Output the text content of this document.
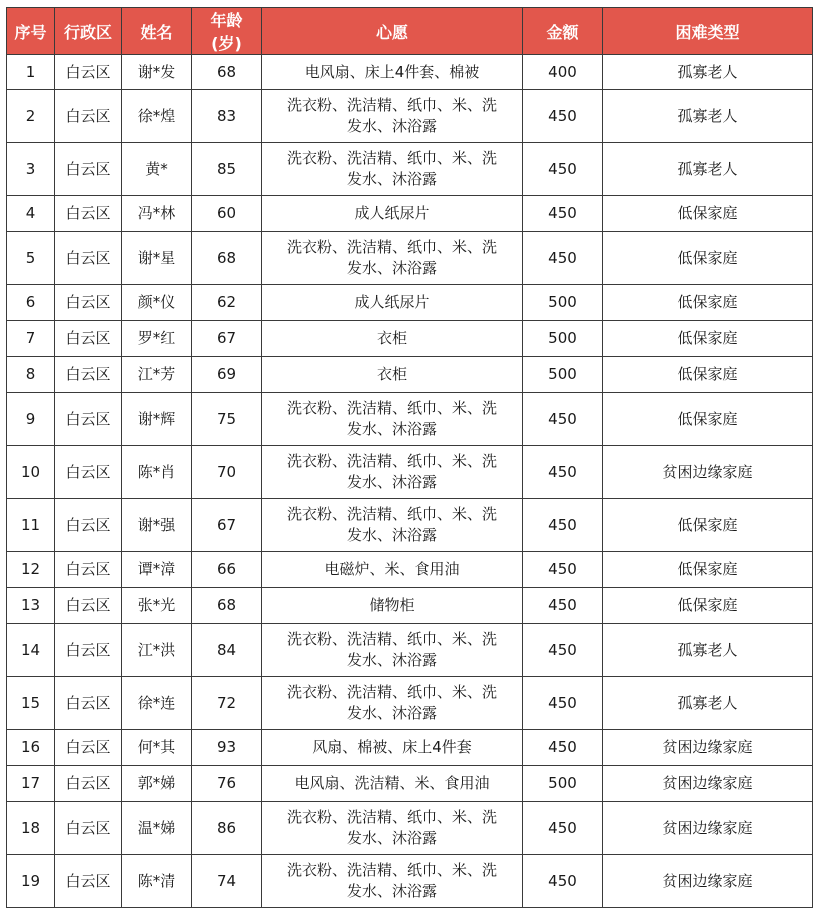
序号	行政区	姓名	年龄(岁)	心愿	金额	困难类型
1	白云区	谢*发	68	电风扇、床上4件套、棉被	400	孤寡老人
2	白云区	徐*煌	83	洗衣粉、洗洁精、纸巾、米、洗发水、沐浴露	450	孤寡老人
3	白云区	黄*	85	洗衣粉、洗洁精、纸巾、米、洗发水、沐浴露	450	孤寡老人
4	白云区	冯*林	60	成人纸尿片	450	低保家庭
5	白云区	谢*星	68	洗衣粉、洗洁精、纸巾、米、洗发水、沐浴露	450	低保家庭
6	白云区	颜*仪	62	成人纸尿片	500	低保家庭
7	白云区	罗*红	67	衣柜	500	低保家庭
8	白云区	江*芳	69	衣柜	500	低保家庭
9	白云区	谢*辉	75	洗衣粉、洗洁精、纸巾、米、洗发水、沐浴露	450	低保家庭
10	白云区	陈*肖	70	洗衣粉、洗洁精、纸巾、米、洗发水、沐浴露	450	贫困边缘家庭
11	白云区	谢*强	67	洗衣粉、洗洁精、纸巾、米、洗发水、沐浴露	450	低保家庭
12	白云区	谭*漳	66	电磁炉、米、食用油	450	低保家庭
13	白云区	张*光	68	储物柜	450	低保家庭
14	白云区	江*洪	84	洗衣粉、洗洁精、纸巾、米、洗发水、沐浴露	450	孤寡老人
15	白云区	徐*连	72	洗衣粉、洗洁精、纸巾、米、洗发水、沐浴露	450	孤寡老人
16	白云区	何*其	93	风扇、棉被、床上4件套	450	贫困边缘家庭
17	白云区	郭*娣	76	电风扇、洗洁精、米、食用油	500	贫困边缘家庭
18	白云区	温*娣	86	洗衣粉、洗洁精、纸巾、米、洗发水、沐浴露	450	贫困边缘家庭
19	白云区	陈*清	74	洗衣粉、洗洁精、纸巾、米、洗发水、沐浴露	450	贫困边缘家庭
